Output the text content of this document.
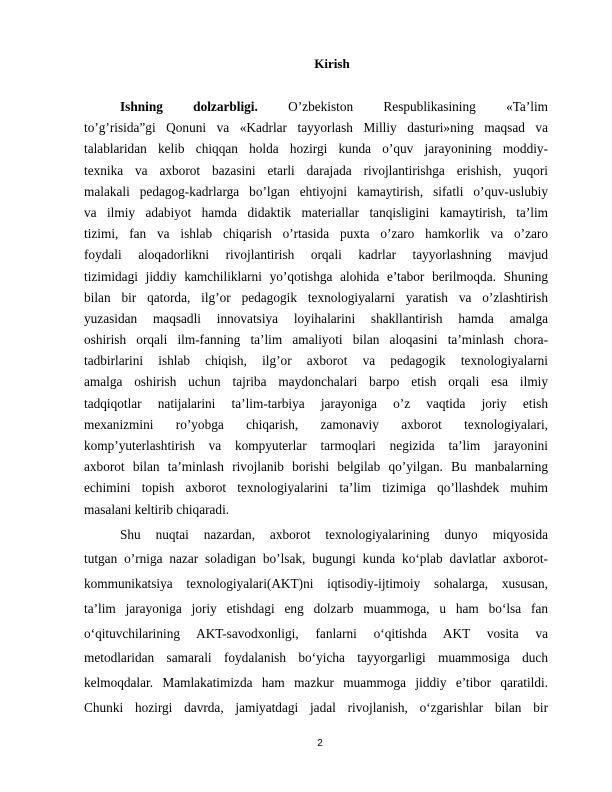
Kirish
Ishning dolzarbligi. O’zbekiston Respublikasining «Ta’lim
to’g’risida”gi Qonuni va «Kadrlar tayyorlash Milliy dasturi»ning maqsad va
talablaridan kelib chiqqan holda hozirgi kunda o’quv jarayonining moddiy-
texnika va axborot bazasini etarli darajada rivojlantirishga erishish, yuqori
malakali pedagog-kadrlarga bo’lgan ehtiyojni kamaytirish, sifatli o’quv-uslubiy
va ilmiy adabiyot hamda didaktik materiallar tanqisligini kamaytirish, ta’lim
tizimi, fan va ishlab chiqarish o’rtasida puxta o’zaro hamkorlik va o’zaro
foydali aloqadorlikni rivojlantirish orqali kadrlar tayyorlashning mavjud
tizimidagi jiddiy kamchiliklarni yo’qotishga alohida e’tabor berilmoqda. Shuning
bilan bir qatorda, ilg’or pedagogik texnologiyalarni yaratish va o’zlashtirish
yuzasidan maqsadli innovatsiya loyihalarini shakllantirish hamda amalga
oshirish orqali ilm-fanning ta’lim amaliyoti bilan aloqasini ta’minlash chora-
tadbirlarini ishlab chiqish, ilg’or axborot va pedagogik texnologiyalarni
amalga oshirish uchun tajriba maydonchalari barpo etish orqali esa ilmiy
tadqiqotlar natijalarini ta’lim-tarbiya jarayoniga o’z vaqtida joriy etish
mexanizmini ro’yobga chiqarish, zamonaviy axborot texnologiyalari,
komp’yuterlashtirish va kompyuterlar tarmoqlari negizida ta’lim jarayonini
axborot bilan ta’minlash rivojlanib borishi belgilab qo’yilgan. Bu manbalarning
echimini topish axborot texnologiyalarini ta’lim tizimiga qo’llashdek muhim
masalani keltirib chiqaradi.
Shu nuqtai nazardan, axborot texnologiyalarining dunyo miqyosida
tutgan o’rniga nazar soladigan bo’lsak, bugungi kunda ko‘plab davlatlar axborot-
kommunikatsiya texnologiyalari(AKT)ni iqtisodiy-ijtimoiy sohalarga, xususan,
ta’lim jarayoniga joriy etishdagi eng dolzarb muammoga, u ham bo‘lsa fan
o‘qituvchilarining AKT-savodxonligi, fanlarni o‘qitishda AKT vosita va
metodlaridan samarali foydalanish bo‘yicha tayyorgarligi muammosiga duch
kelmoqdalar. Mamlakatimizda ham mazkur muammoga jiddiy e’tibor qaratildi.
Chunki hozirgi davrda, jamiyatdagi jadal rivojlanish, o‘zgarishlar bilan bir
2
